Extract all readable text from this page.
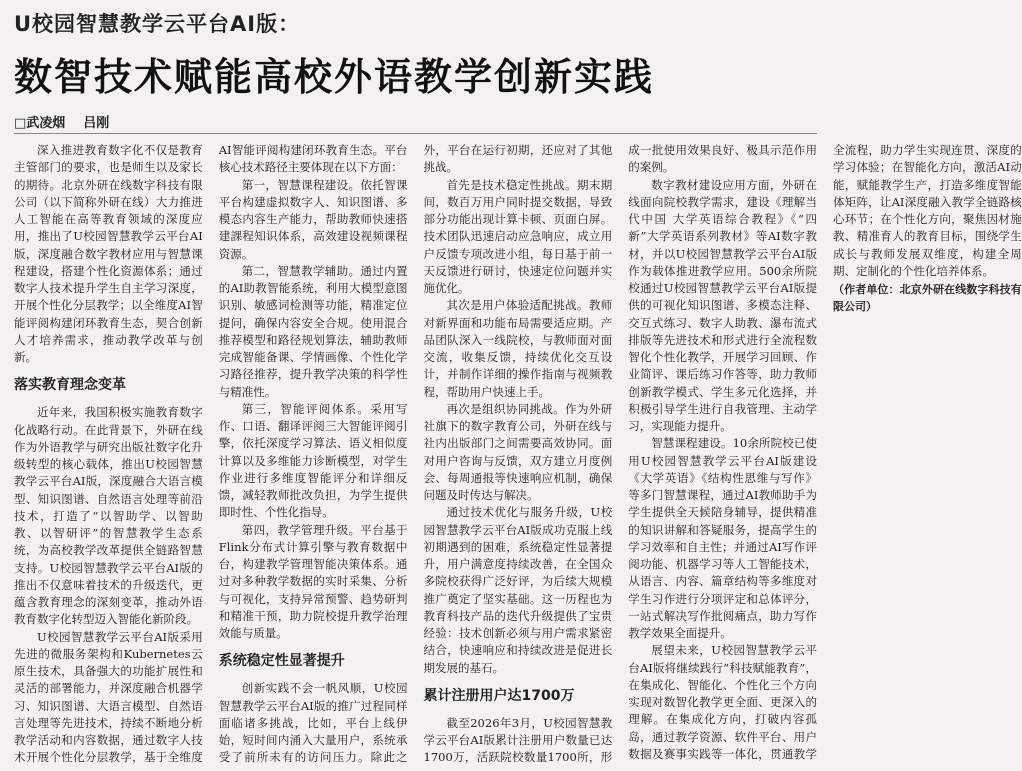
U校园智慧教学云平台AI版：
数智技术赋能高校外语教学创新实践
□武凌烟 吕刚

深入推进教育数字化不仅是教育主管部门的要求，也是师生以及家长的期待。北京外研在线数字科技有限公司（以下简称外研在线）大力推进人工智能在高等教育领域的深度应用，推出了U校园智慧教学云平台AI版，深度融合数字教材应用与智慧课程建设，搭建个性化资源体系；通过数字人技术提升学生自主学习深度，开展个性化分层教学；以全维度AI智能评阅构建闭环教育生态，契合创新人才培养需求，推动教学改革与创新。

落实教育理念变革

近年来，我国积极实施教育数字化战略行动。在此背景下，外研在线作为外语教学与研究出版社数字化升级转型的核心载体，推出U校园智慧教学云平台AI版，深度融合大语言模型、知识图谱、自然语言处理等前沿技术，打造了“以智助学、以智助教、以智研评”的智慧教学生态系统，为高校教学改革提供全链路智慧支持。U校园智慧教学云平台AI版的推出不仅意味着技术的升级迭代，更蕴含教育理念的深刻变革，推动外语教育数字化转型迈入智能化新阶段。

U校园智慧教学云平台AI版采用先进的微服务架构和Kubernetes云原生技术，具备强大的功能扩展性和灵活的部署能力，并深度融合机器学习、知识图谱、大语言模型、自然语言处理等先进技术，持续不断地分析教学活动和内容数据，通过数字人技术开展个性化分层教学，基于全维度AI智能评阅构建闭环教育生态。平台核心技术路径主要体现在以下方面：

第一，智慧课程建设。依托智课平台构建虚拟数字人、知识图谱、多模态内容生产能力，帮助教师快速搭建課程知识体系，高效建设视频课程资源。

第二，智慧教学辅助。通过内置的AI助教智能系统，利用大模型意图识别、敏感词检测等功能，精准定位提问，确保内容安全合规。使用混合推荐模型和路径规划算法，辅助教师完成智能备课、学情画像、个性化学习路径推荐，提升教学决策的科学性与精准性。

第三，智能评阅体系。采用写作、口语、翻译评阅三大智能评阅引擎，依托深度学习算法、语义相似度计算以及多维能力诊断模型，对学生作业进行多维度智能评分和详细反馈，减轻教师批改负担，为学生提供即时性、个性化指导。

第四，教学管理升级。平台基于Flink分布式计算引擎与教育数据中台，构建教学管理智能决策体系。通过对多种教学数据的实时采集、分析与可视化，支持异常预警、趋势研判和精准干预，助力院校提升教学治理效能与质量。

系统稳定性显著提升

创新实践不会一帆风顺，U校园智慧教学云平台AI版的推广过程同样面临诸多挑战，比如，平台上线伊始，短时间内涌入大量用户，系统承受了前所未有的访问压力。除此之外，平台在运行初期，还应对了其他挑战。

首先是技术稳定性挑战。期末期间，数百万用户同时提交数据，导致部分功能出现计算卡顿、页面白屏。技术团队迅速启动应急响应，成立用户反馈专项改进小组，每日基于前一天反馈进行研讨，快速定位问题并实施优化。

其次是用户体验适配挑战。教师对新界面和功能布局需要适应期。产品团队深入一线院校，与教师面对面交流，收集反馈，持续优化交互设计，并制作详细的操作指南与视频教程，帮助用户快速上手。

再次是组织协同挑战。作为外研社旗下的数字教育公司，外研在线与社内出版部门之间需要高效协同。面对用户咨询与反馈，双方建立月度例会、每周通报等快速响应机制，确保问题及时传达与解决。

通过技术优化与服务升级，U校园智慧教学云平台AI版成功克服上线初期遇到的困难，系统稳定性显著提升，用户满意度持续改善，在全国众多院校获得广泛好评，为后续大规模推广奠定了坚实基础。这一历程也为教育科技产品的迭代升级提供了宝贵经验：技术创新必须与用户需求紧密结合，快速响应和持续改进是促进长期发展的基石。

累计注册用户达1700万

截至2026年3月，U校园智慧教学云平台AI版累计注册用户数量已达1700万，活跃院校数量1700所，形成一批使用效果良好、极具示范作用的案例。

数字教材建设应用方面，外研在线面向院校教学需求，建设《理解当代中国 大学英语综合教程》《“四新”大学英语系列教材》等AI数字教材，并以U校园智慧教学云平台AI版作为载体推进教学应用。500余所院校通过U校园智慧教学云平台AI版提供的可视化知识图谱、多模态注释、交互式练习、数字人助教、瀑布流式排版等先进技术和形式进行全流程数智化个性化教学，开展学习回顾、作业简评、课后练习作答等，助力教师创新教学模式、学生多元化选择，并积极引导学生进行自我管理、主动学习，实现能力提升。

智慧课程建设。10余所院校已使用U校园智慧教学云平台AI版建设《大学英语》《结构性思维与写作》等多门智慧课程，通过AI教师助手为学生提供全天候陪身辅导，提供精准的知识讲解和答疑服务，提高学生的学习效率和自主性；并通过AI写作评阅功能、机器学习等人工智能技术，从语言、内容、篇章结构等多维度对学生习作进行分项评定和总体评分，一站式解决写作批阅痛点，助力写作教学效果全面提升。

展望未来，U校园智慧教学云平台AI版将继续践行“科技赋能教育”，在集成化、智能化、个性化三个方向实现对数智化教学更全面、更深入的理解。在集成化方向，打破内容孤岛，通过教学资源、软件平台、用户数据及赛事实践等一体化，贯通教学全流程，助力学生实现连贯、深度的学习体验；在智能化方向，激活AI动能，赋能教学生产，打造多维度智能体矩阵，让AI深度融入教学全链路核心环节；在个性化方向，聚焦因材施教、精准育人的教育目标，围绕学生成长与教师发展双维度，构建全周期、定制化的个性化培养体系。

（作者单位：北京外研在线数字科技有限公司）
